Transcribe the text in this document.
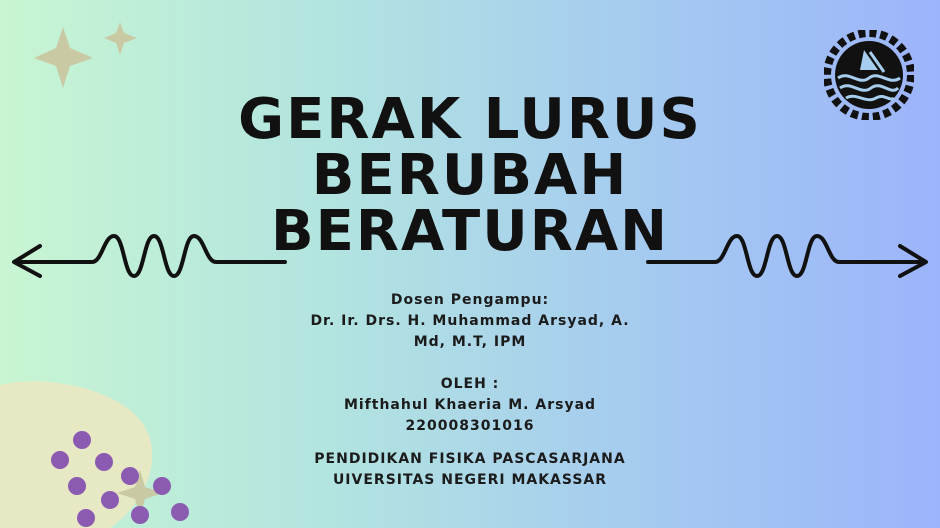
GERAK LURUS
BERUBAH
BERATURAN
Dosen Pengampu:
Dr. Ir. Drs. H. Muhammad Arsyad, A.
Md, M.T, IPM
OLEH :
Mifthahul Khaeria M. Arsyad
220008301016
PENDIDIKAN FISIKA PASCASARJANA
UIVERSITAS NEGERI MAKASSAR
